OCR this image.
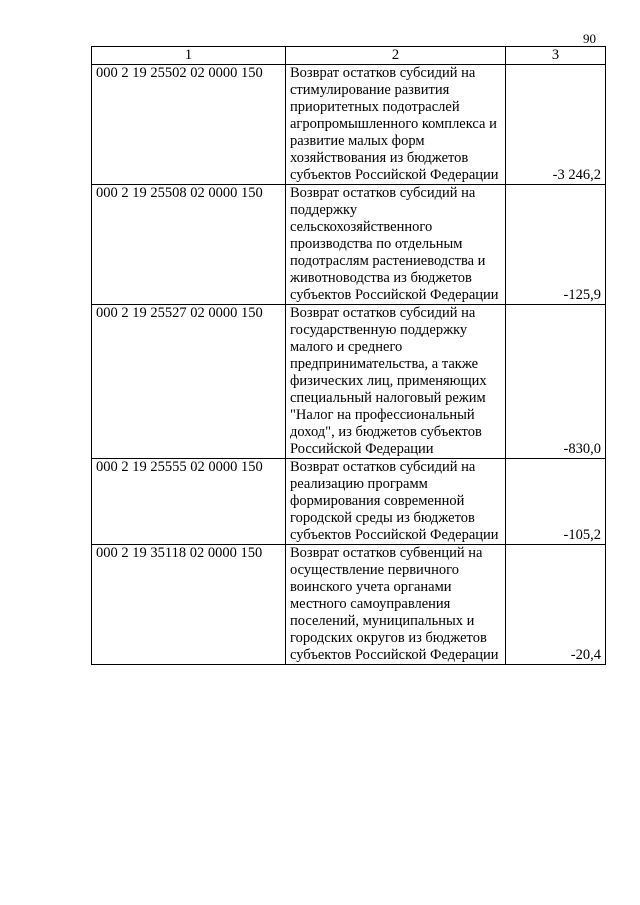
90
1	2	3
000 2 19 25502 02 0000 150	Возврат остатков субсидий на стимулирование развития приоритетных подотраслей агропромышленного комплекса и развитие малых форм хозяйствования из бюджетов субъектов Российской Федерации	-3 246,2
000 2 19 25508 02 0000 150	Возврат остатков субсидий на поддержку сельскохозяйственного производства по отдельным подотраслям растениеводства и животноводства из бюджетов субъектов Российской Федерации	-125,9
000 2 19 25527 02 0000 150	Возврат остатков субсидий на государственную поддержку малого и среднего предпринимательства, а также физических лиц, применяющих специальный налоговый режим "Налог на профессиональный доход", из бюджетов субъектов Российской Федерации	-830,0
000 2 19 25555 02 0000 150	Возврат остатков субсидий на реализацию программ формирования современной городской среды из бюджетов субъектов Российской Федерации	-105,2
000 2 19 35118 02 0000 150	Возврат остатков субвенций на осуществление первичного воинского учета органами местного самоуправления поселений, муниципальных и городских округов из бюджетов субъектов Российской Федерации	-20,4
